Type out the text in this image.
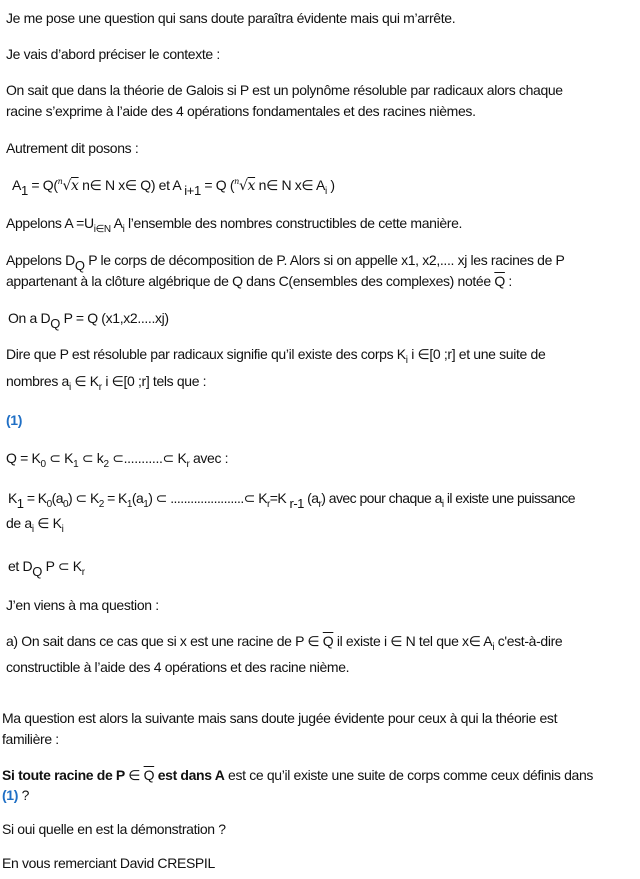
Je me pose une question qui sans doute paraîtra évidente mais qui m’arrête.
Je vais d’abord préciser le contexte :
On sait que dans la théorie de Galois si P est un polynôme résoluble par radicaux alors chaque
racine s’exprime à l’aide des 4 opérations fondamentales et des racines nièmes.
Autrement dit posons :
$A_1 = Q(^n√x$ n∈ N x∈ Q) et A $_{i+1}$ = Q ($^n$√x n∈ N x∈ $A_i$ )
Appelons $A =U_{i\in N}$ $A_i$ l’ensemble des nombres constructibles de cette manière.
Appelons $D_Q$ P le corps de décomposition de P. Alors si on appelle x1, x2,.... xj les racines de P
appartenant à la clôture algébrique de Q dans C(ensembles des complexes) notée $\overline{Q}$ :
On a $D_Q$ P = Q (x1,x2.....xj)
Dire que P est résoluble par radicaux signifie qu’il existe des corps $K_i$ i ∈[0 ;r] et une suite de
nombres $a_i$ ∈ $K_r$ i ∈[0 ;r] tels que :
(1)
$Q = K_0$ ⊂ $K_1$ ⊂ $k_2$ ⊂...........⊂ $K_r$ avec :
$K_1 = K_0(a_0)$ ⊂ $K_2 = K_1(a_1)$ ⊂ ......................⊂ $K_r=K$ $_{r-1}$ $(a_r)$ avec pour chaque $a_i$ il existe une puissance
de $a_i$ ∈ $K_i$
et $D_Q$ P ⊂ $K_r$
J’en viens à ma question :
a) On sait dans ce cas que si x est une racine de P ∈ $\overline{Q}$ il existe i ∈ N tel que x∈ $A_i$ c'est-à-dire
constructible à l’aide des 4 opérations et des racine nième.
Ma question est alors la suivante mais sans doute jugée évidente pour ceux à qui la théorie est
familière :
Si toute racine de P ∈ $\overline{Q}$ est dans A est ce qu’il existe une suite de corps comme ceux définis dans
(1) ?
Si oui quelle en est la démonstration ?
En vous remerciant David CRESPIL
